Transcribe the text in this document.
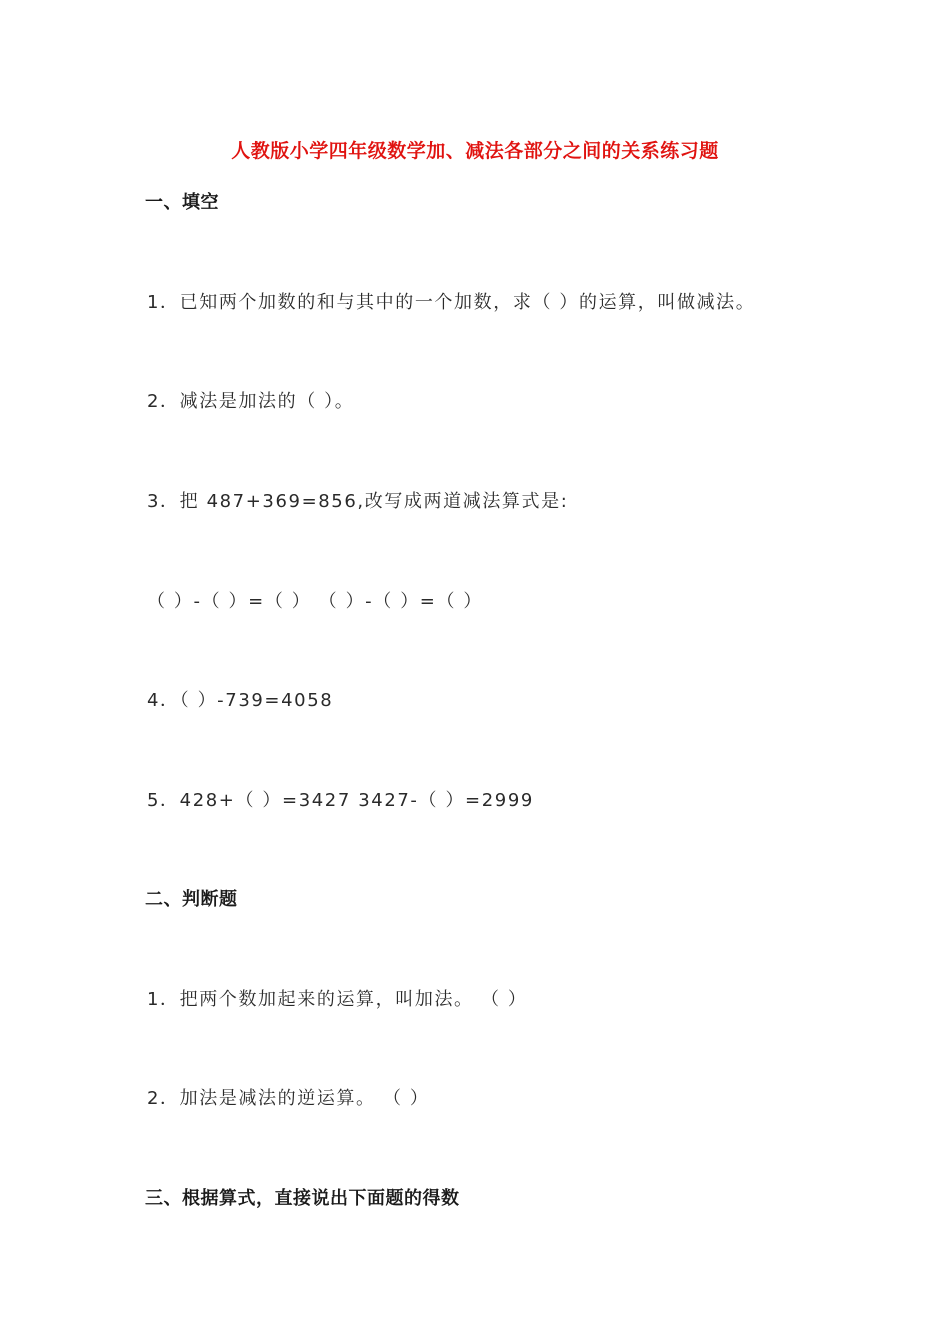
人教版小学四年级数学加、减法各部分之间的关系练习题
一、填空
1．已知两个加数的和与其中的一个加数，求（ ）的运算，叫做减法。
2．减法是加法的（ ）。
3．把 487+369=856,改写成两道减法算式是:
（ ）-（ ）=（ ） （ ）-（ ）=（ ）
4．（ ）-739=4058
5．428+（ ）=3427 3427-（ ）=2999
二、判断题
1．把两个数加起来的运算，叫加法。 （ ）
2．加法是减法的逆运算。 （ ）
三、根据算式，直接说出下面题的得数
